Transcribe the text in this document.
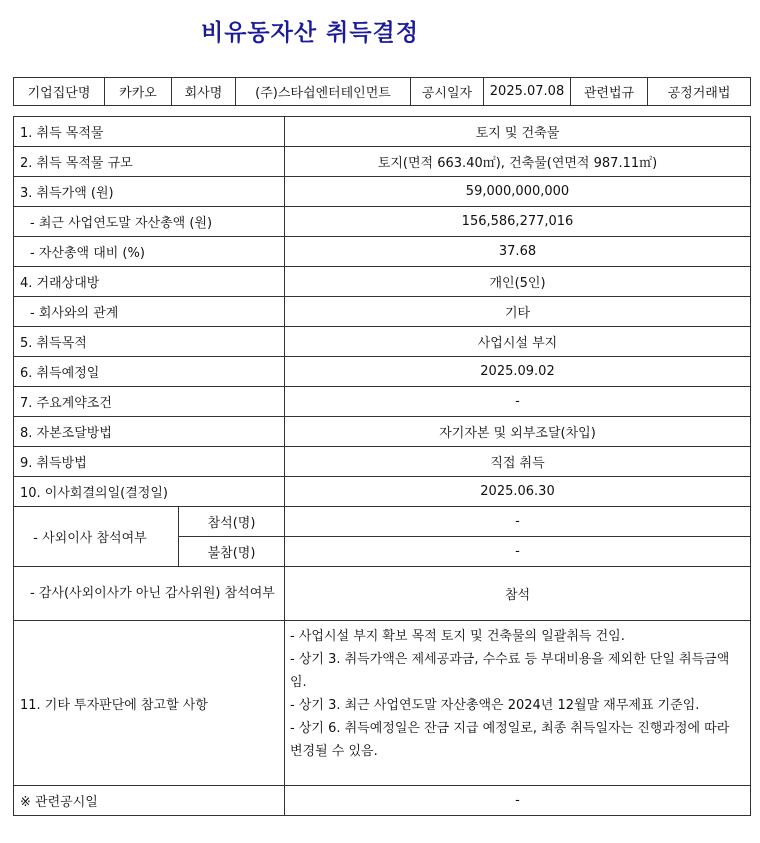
비유동자산 취득결정
기업집단명	카카오	회사명	(주)스타쉽엔터테인먼트	공시일자	2025.07.08	관련법규	공정거래법
1. 취득 목적물		토지 및 건축물
2. 취득 목적물 규모		토지(면적 663.40㎡), 건축물(연면적 987.11㎡)
3. 취득가액 (원)		59,000,000,000
- 최근 사업연도말 자산총액 (원)		156,586,277,016
- 자산총액 대비 (%)		37.68
4. 거래상대방		개인(5인)
- 회사와의 관계		기타
5. 취득목적		사업시설 부지
6. 취득예정일		2025.09.02
7. 주요계약조건		-
8. 자본조달방법		자기자본 및 외부조달(차입)
9. 취득방법		직접 취득
10. 이사회결의일(결정일)		2025.06.30
- 사외이사 참석여부	참석(명)	-
	불참(명)	-
- 감사(사외이사가 아닌 감사위원) 참석여부		참석
11. 기타 투자판단에 참고할 사항		- 사업시설 부지 확보 목적 토지 및 건축물의 일괄취득 건임.
- 상기 3. 취득가액은 제세공과금, 수수료 등 부대비용을 제외한 단일 취득금액임.
- 상기 3. 최근 사업연도말 자산총액은 2024년 12월말 재무제표 기준임.
- 상기 6. 취득예정일은 잔금 지급 예정일로, 최종 취득일자는 진행과정에 따라 변경될 수 있음.

※ 관련공시일		-
